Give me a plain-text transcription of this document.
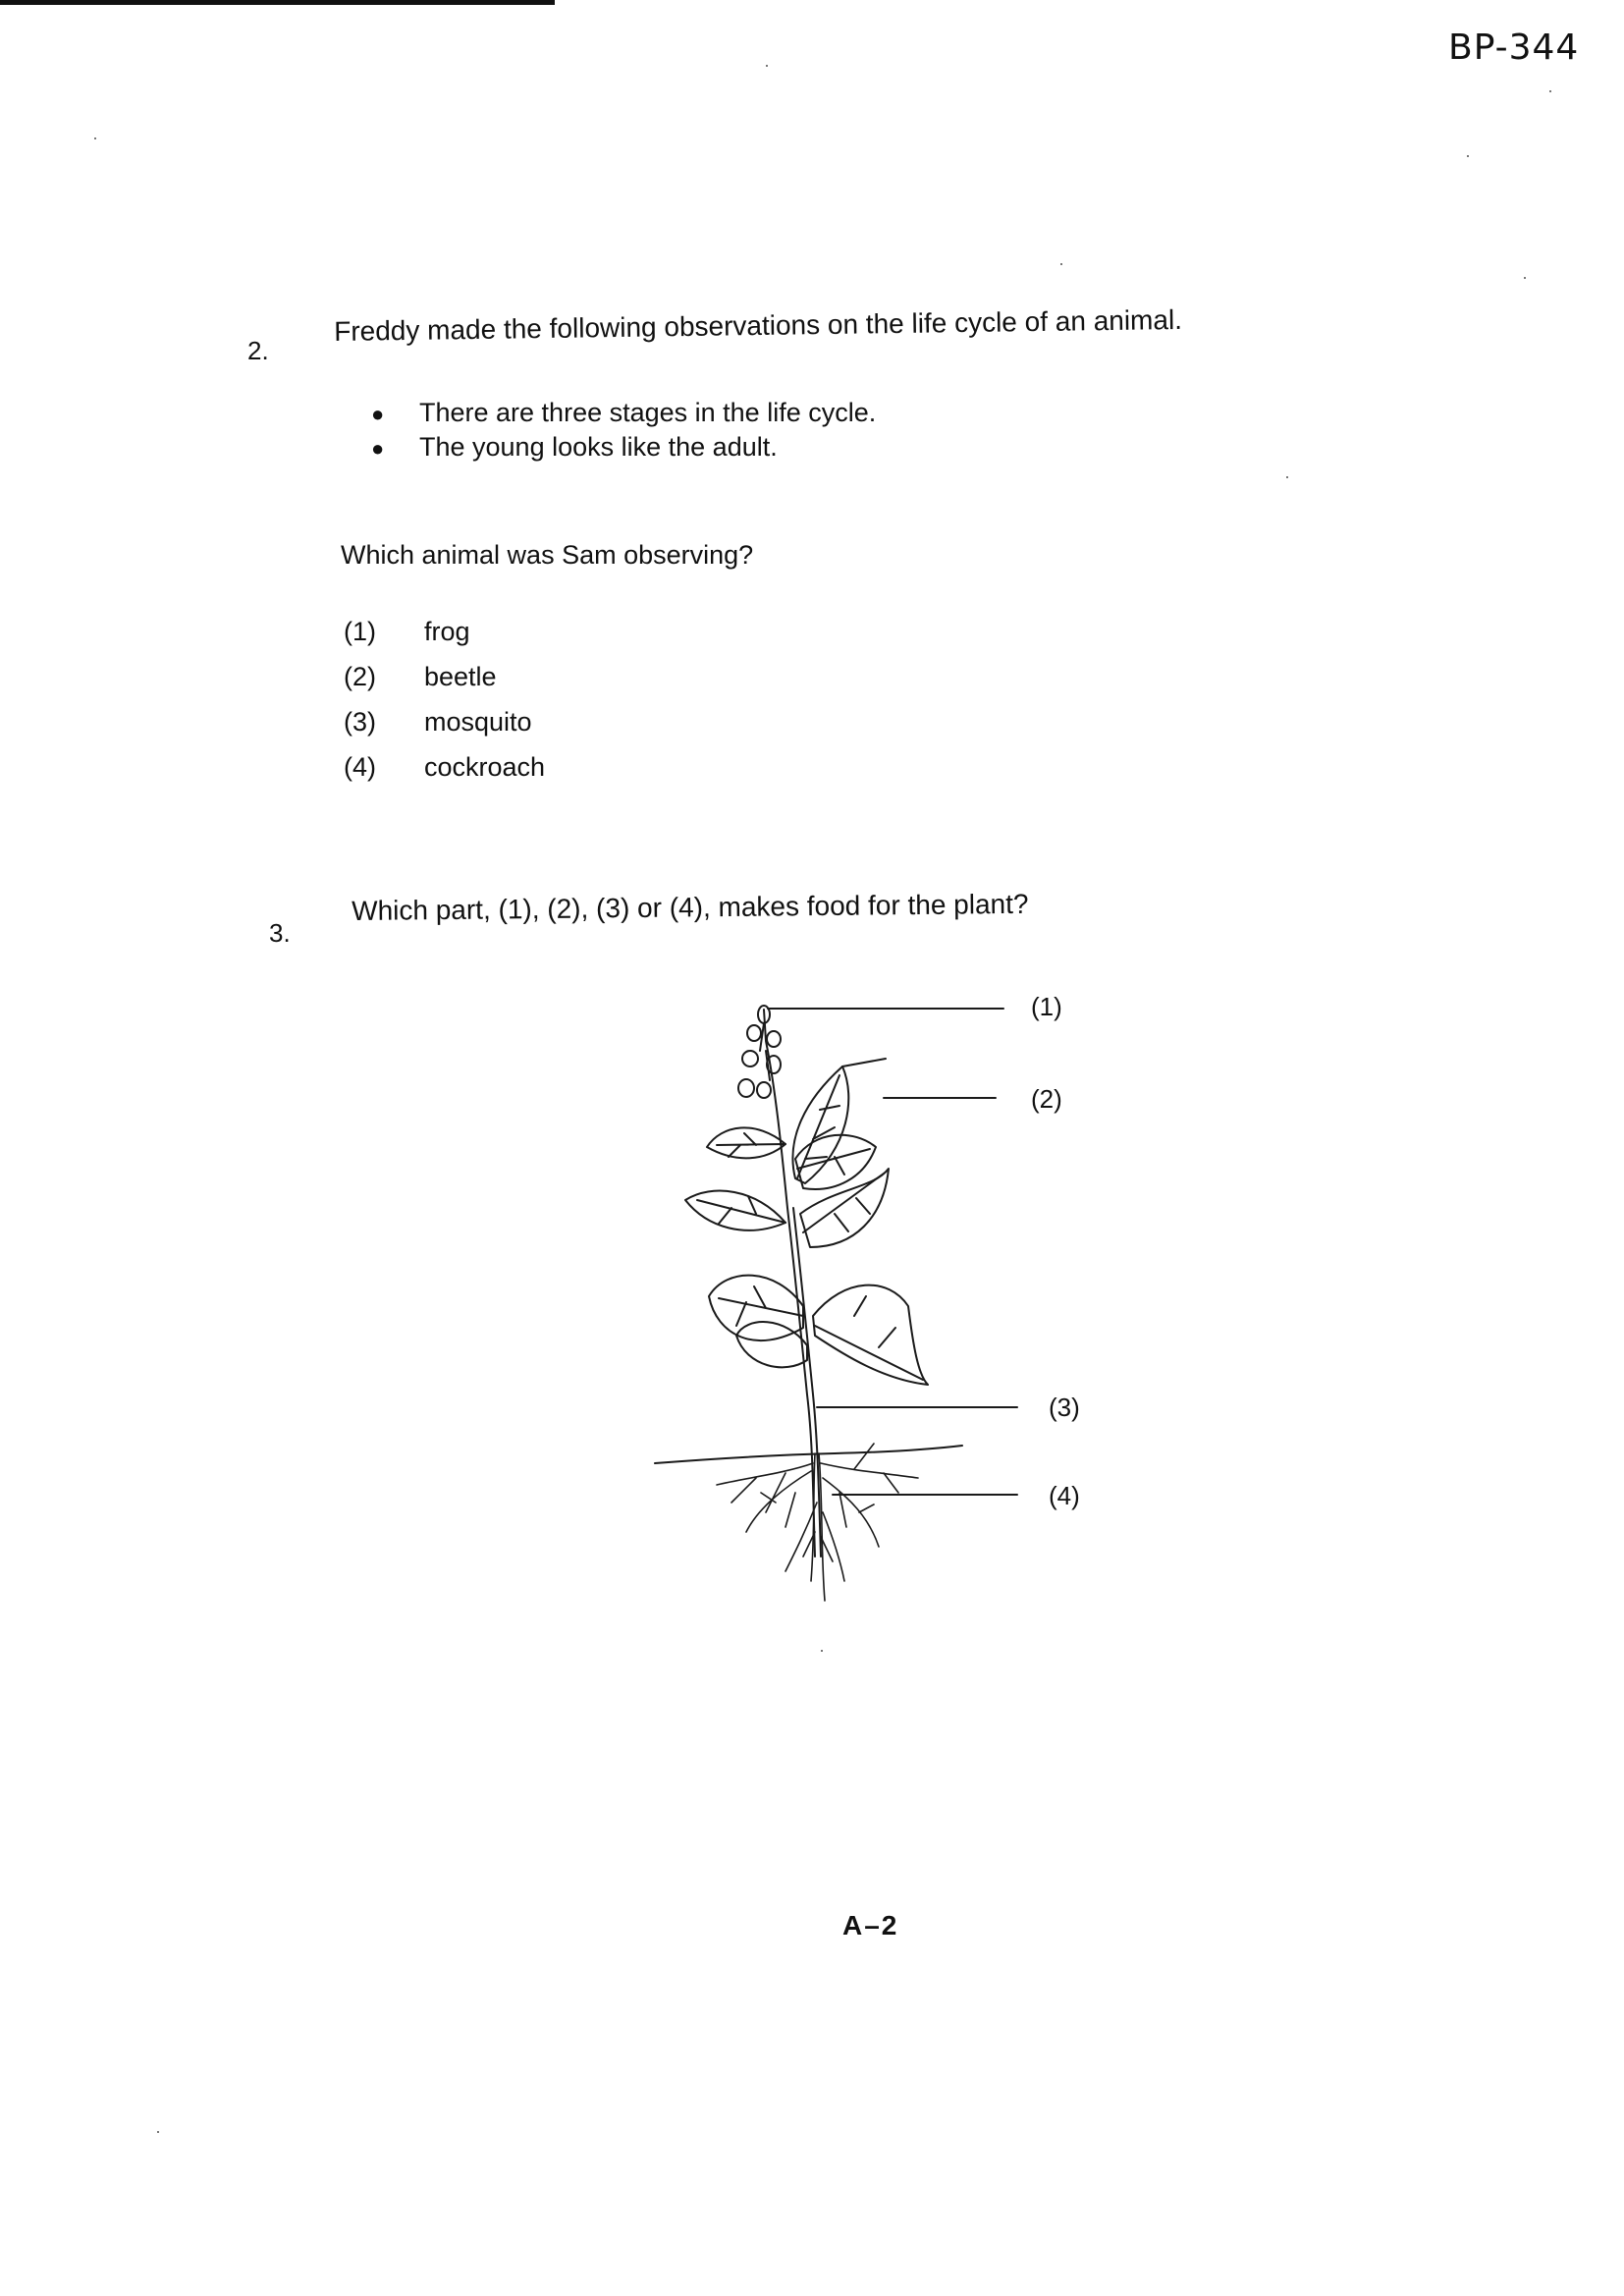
BP-344
2.
Freddy made the following observations on the life cycle of an animal.
●	There are three stages in the life cycle.
●	The young looks like the adult.
Which animal was Sam observing?
(1)	frog
(2)	beetle
(3)	mosquito
(4)	cockroach
3.
Which part, (1), (2), (3) or (4), makes food for the plant?
(1)
(2)
(3)
(4)
A–2
